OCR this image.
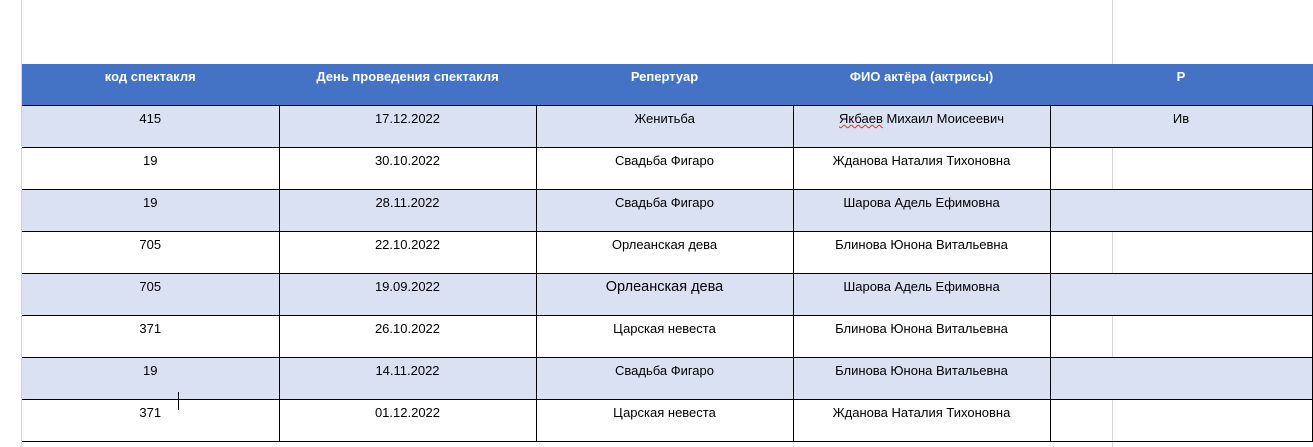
код спектакля	День проведения спектакля	Репертуар	ФИО актёра (актрисы)	Р
415	17.12.2022	Женитьба	Якбаев Михаил Моисеевич	Ив
19	30.10.2022	Свадьба Фигаро	Жданова Наталия Тихоновна	
19	28.11.2022	Свадьба Фигаро	Шарова Адель Ефимовна	
705	22.10.2022	Орлеанская дева	Блинова Юнона Витальевна	
705	19.09.2022	Орлеанская дева	Шарова Адель Ефимовна	
371	26.10.2022	Царская невеста	Блинова Юнона Витальевна	
19	14.11.2022	Свадьба Фигаро	Блинова Юнона Витальевна	
371	01.12.2022	Царская невеста	Жданова Наталия Тихоновна	
